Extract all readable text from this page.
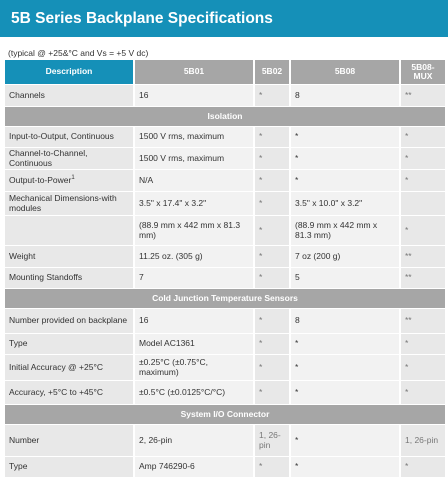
5B Series Backplane Specifications
(typical @ +25&°C and Vs = +5 V dc)
Description	5B01	5B02	5B08	5B08-MUX
Channels	16	*	8	**
Isolation				
Input-to-Output, Continuous	1500 V rms, maximum	*	*	*
Channel-to-Channel, Continuous	1500 V rms, maximum	*	*	*
Output-to-Power$^1$	N/A	*	*	*
Mechanical Dimensions-with modules	3.5" x 17.4" x 3.2"	*	3.5" x 10.0" x 3.2"	
	(88.9 mm x 442 mm x 81.3 mm)	*	(88.9 mm x 442 mm x 81.3 mm)	*
Weight	11.25 oz. (305 g)	*	7 oz (200 g)	**
Mounting Standoffs	7	*	5	**
Cold Junction Temperature Sensors				
Number provided on backplane	16	*	8	**
Type	Model AC1361	*	*	*
Initial Accuracy @ +25°C	±0.25°C (±0.75°C, maximum)	*	*	*
Accuracy, +5°C to +45°C	±0.5°C (±0.0125°C/°C)	*	*	*
System I/O Connector				
Number	2, 26-pin	1, 26-pin	*	1, 26-pin
Type	Amp 746290-6	*	*	*
